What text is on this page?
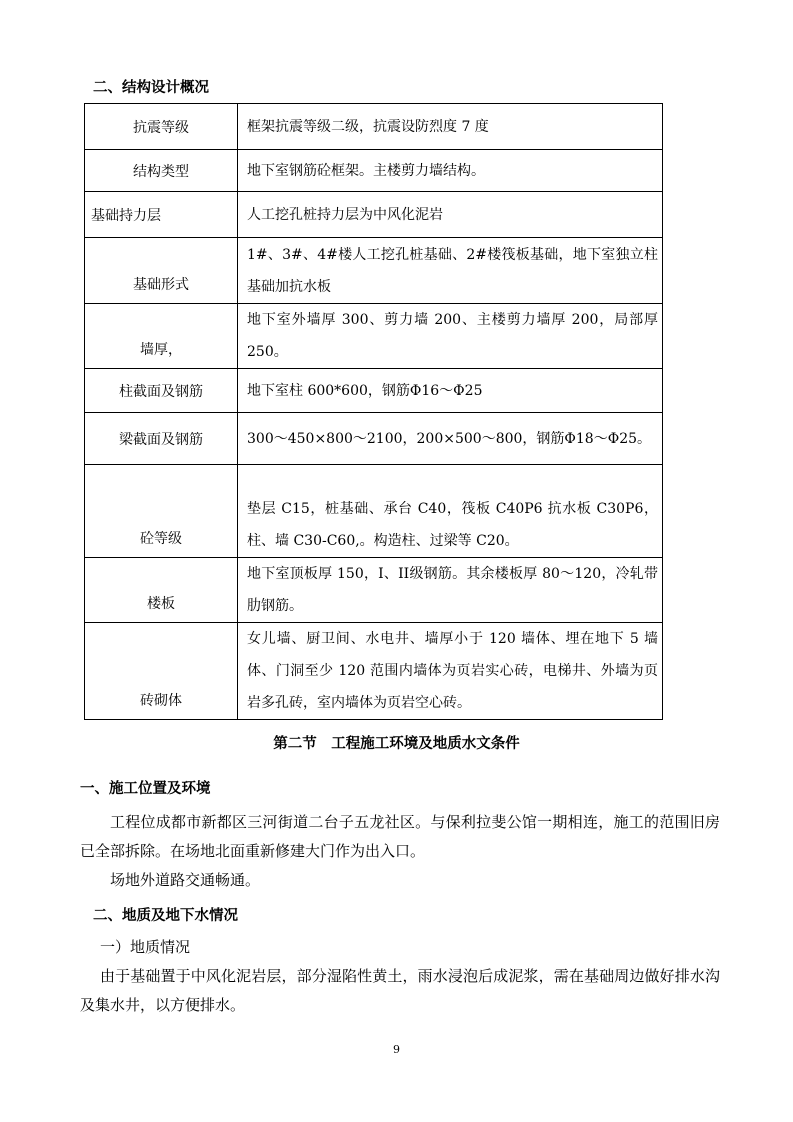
二、结构设计概况
抗震等级	框架抗震等级二级，抗震设防烈度 7 度
结构类型	地下室钢筋砼框架。主楼剪力墙结构。
基础持力层	人工挖孔桩持力层为中风化泥岩
基础形式	1#、3#、4#楼人工挖孔桩基础、2#楼筏板基础，地下室独立柱基础加抗水板
墙厚，	地下室外墙厚 300、剪力墙 200、主楼剪力墙厚 200，局部厚 250。
柱截面及钢筋	地下室柱 600*600，钢筋Φ16～Φ25
梁截面及钢筋	300～450×800～2100，200×500～800，钢筋Φ18～Φ25。
砼等级	垫层 C15，桩基础、承台 C40，筏板 C40P6 抗水板 C30P6，柱、墙 C30-C60,。构造柱、过梁等 C20。
楼板	地下室顶板厚 150，I、II级钢筋。其余楼板厚 80～120，冷轧带肋钢筋。
砖砌体	女儿墙、厨卫间、水电井、墙厚小于 120 墙体、埋在地下 5 墙体、门洞至少 120 范围内墙体为页岩实心砖，电梯井、外墙为页岩多孔砖，室内墙体为页岩空心砖。
第二节　工程施工环境及地质水文条件
一、施工位置及环境
工程位成都市新都区三河街道二台子五龙社区。与保利拉斐公馆一期相连，施工的范围旧房已全部拆除。在场地北面重新修建大门作为出入口。
场地外道路交通畅通。
二、地质及地下水情况
一）地质情况
由于基础置于中风化泥岩层，部分湿陷性黄土，雨水浸泡后成泥浆，需在基础周边做好排水沟及集水井，以方便排水。
9
